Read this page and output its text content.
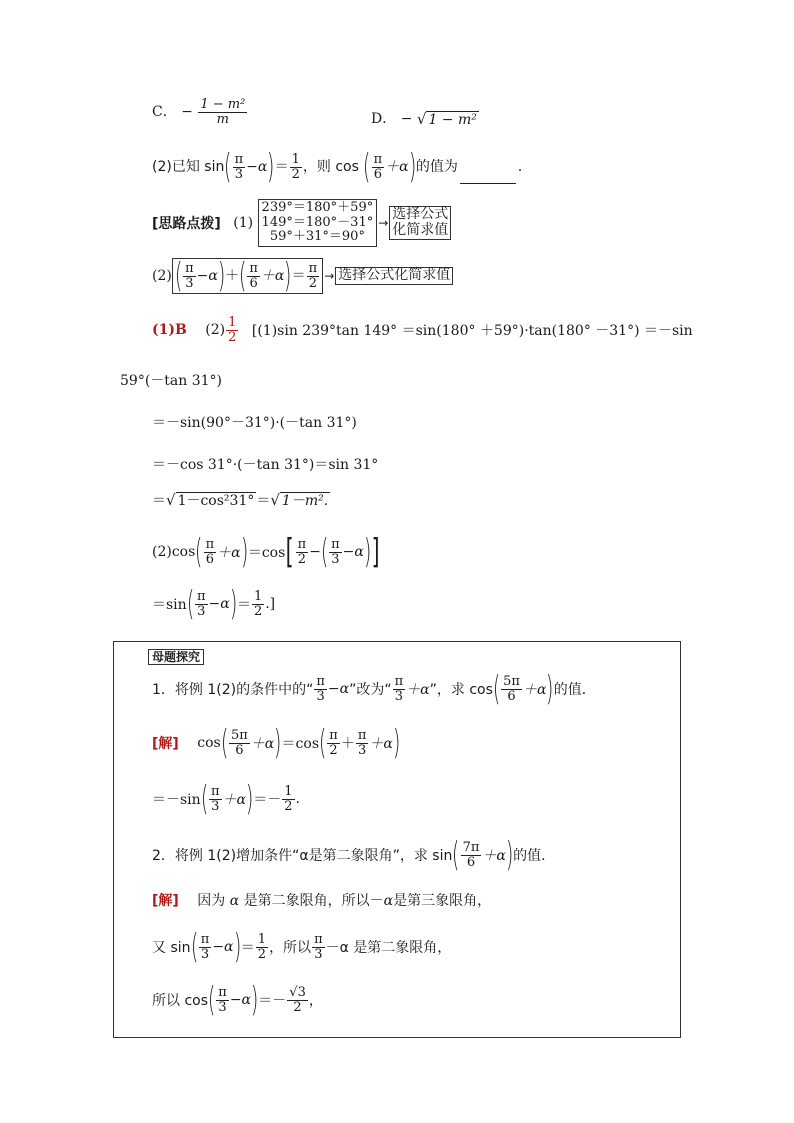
C． − $\frac{\text{1 − m²}}{m}$	D． − √ 1 − m²
(2)已知 $\sin( \frac{\pi}{3} -\alpha)= \frac{1}{2}$ ，则 cos ( $\frac{\pi}{6} +\alpha$)的值为	．
[思路点拨] (1)
239°＝180°＋59°
149°＝180°－31°
59°＋31°＝90°
→
选择公式
化简求值
$(2)( \frac{\pi}{3} -\alpha)+( \frac{\pi}{6} +\alpha)= \frac{\pi}{2}$ → 选择公式化简求值
(1)B $(2) \frac{1}{2} [(1)\sin$ 239°tan 149° ＝sin(180° ＋59°)·tan(180° －31°) ＝－sin
59°(－tan 31°)
＝－sin(90°－31°)·(－tan 31°)
＝－cos 31°·(－tan 31°)＝sin 31°
＝√ 1－cos²31° ＝√ 1－m².
$(2)\cos( \frac{\pi}{6} +\alpha)=\cos[ \frac{\pi}{2}$ −( $\frac{\pi}{3} -\alpha$)]
$=\sin( \frac{\pi}{3} -\alpha)= \frac{1}{2}$ .]
母题探究
1．将例 1(2)的条件中的“ $\frac{\pi}{3} -\alpha$”改为“ $\frac{\pi}{3} +\alpha$”，求 $\cos( \frac{5\pi}{6} +\alpha)$的值．
[解] $\cos( \frac{5\pi}{6} +\alpha)=\cos( \frac{\pi}{2} + \frac{\pi}{3} +\alpha)$
$=-\sin( \frac{\pi}{3} +\alpha)=- \frac{1}{2}$ .
2．将例 1(2)增加条件“α是第二象限角”，求 $\sin( \frac{7\pi}{6} +\alpha)$的值．
[解] 因为 α 是第二象限角，所以－α是第三象限角，
又 $\sin( \frac{\pi}{3} -\alpha)= \frac{1}{2}$ ，所以 $\frac{\pi}{3} -\alpha$ 是第二象限角，
所以 $\cos( \frac{\pi}{3} -\alpha)=- \frac{√3}{2}$ ，
